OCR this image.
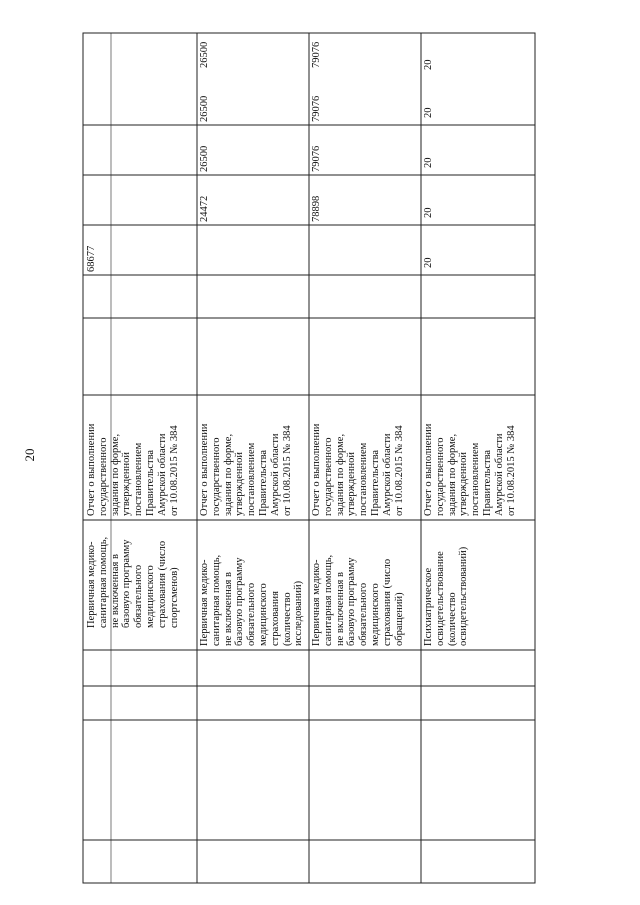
20
Первичная медико-
санитарная помощь,
не включенная в
базовую программу
обязательного
медицинского
страхования (число
спортсменов)
Отчет о выполнении
государственного
задания по форме,
утвержденной
постановлением
Правительства
Амурской области
от 10.08.2015 № 384
68677
Первичная медико-
санитарная помощь,
не включенная в
базовую программу
обязательного
медицинского
страхования
(количество
исследований)
Отчет о выполнении
государственного
задания по форме,
утвержденной
постановлением
Правительства
Амурской области
от 10.08.2015 № 384
24472
26500
26500
26500
Первичная медико-
санитарная помощь,
не включенная в
базовую программу
обязательного
медицинского
страхования (число
обращений)
Отчет о выполнении
государственного
задания по форме,
утвержденной
постановлением
Правительства
Амурской области
от 10.08.2015 № 384
78898
79076
79076
79076
Психиатрическое
освидетельствование
(количество
освидетельствований)
Отчет о выполнении
государственного
задания по форме,
утвержденной
постановлением
Правительства
Амурской области
от 10.08.2015 № 384
20
20
20
20
20
